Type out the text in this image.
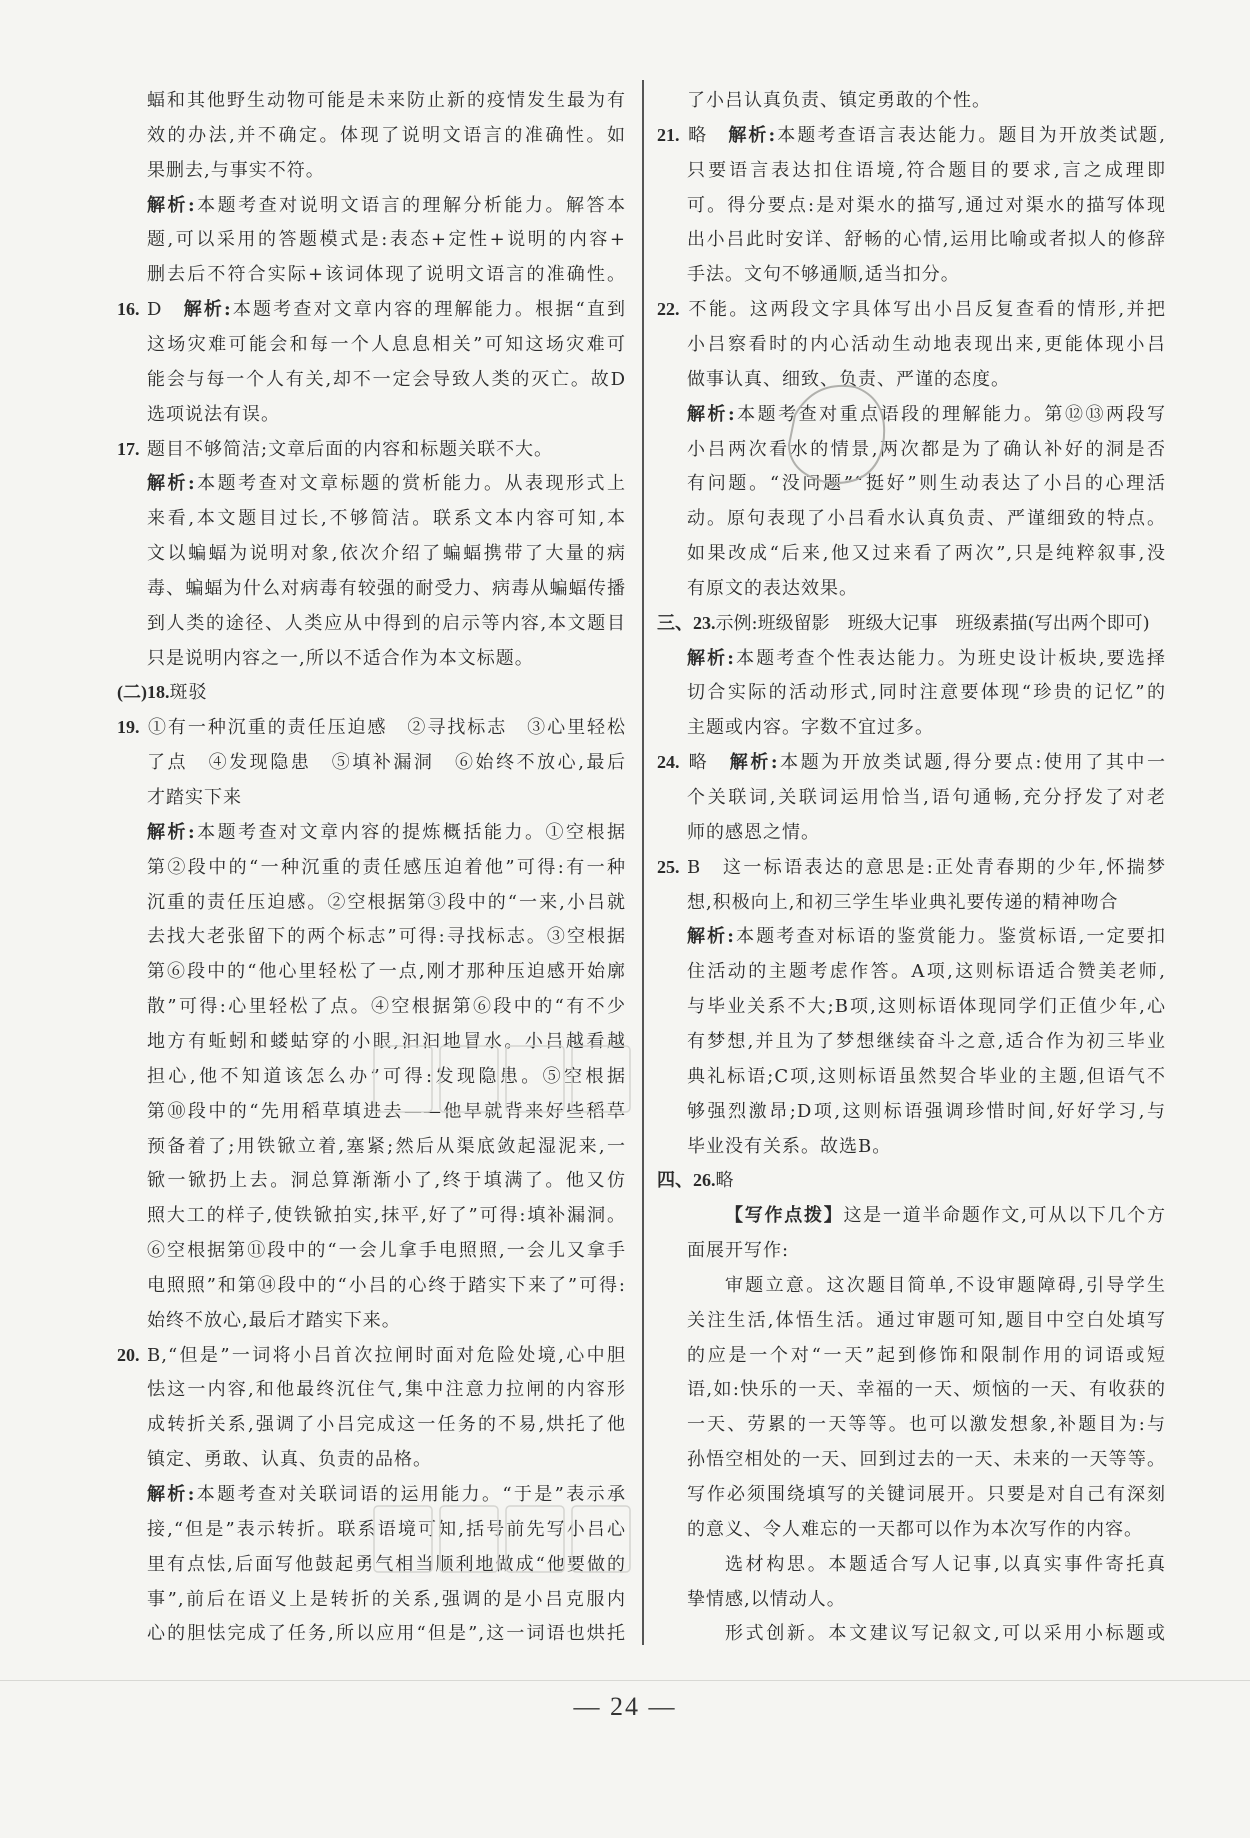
蝠和其他野生动物可能是未来防止新的疫情发生最为有
效的办法,并不确定。体现了说明文语言的准确性。如
果删去,与事实不符。
解析:本题考查对说明文语言的理解分析能力。解答本
题,可以采用的答题模式是:表态+定性+说明的内容+
删去后不符合实际+该词体现了说明文语言的准确性。
16. D　解析:本题考查对文章内容的理解能力。根据“直到
这场灾难可能会和每一个人息息相关”可知这场灾难可
能会与每一个人有关,却不一定会导致人类的灭亡。故D
选项说法有误。
17. 题目不够简洁;文章后面的内容和标题关联不大。
解析:本题考查对文章标题的赏析能力。从表现形式上
来看,本文题目过长,不够简洁。联系文本内容可知,本
文以蝙蝠为说明对象,依次介绍了蝙蝠携带了大量的病
毒、蝙蝠为什么对病毒有较强的耐受力、病毒从蝙蝠传播
到人类的途径、人类应从中得到的启示等内容,本文题目
只是说明内容之一,所以不适合作为本文标题。
(二)18.斑驳
19. ①有一种沉重的责任压迫感　②寻找标志　③心里轻松
了点　④发现隐患　⑤填补漏洞　⑥始终不放心,最后
才踏实下来
解析:本题考查对文章内容的提炼概括能力。①空根据
第②段中的“一种沉重的责任感压迫着他”可得:有一种
沉重的责任压迫感。②空根据第③段中的“一来,小吕就
去找大老张留下的两个标志”可得:寻找标志。③空根据
第⑥段中的“他心里轻松了一点,刚才那种压迫感开始廓
散”可得:心里轻松了点。④空根据第⑥段中的“有不少
地方有蚯蚓和蝼蛄穿的小眼,汩汩地冒水。小吕越看越
担心,他不知道该怎么办”可得:发现隐患。⑤空根据
第⑩段中的“先用稻草填进去——他早就背来好些稻草
预备着了;用铁锨立着,塞紧;然后从渠底敛起湿泥来,一
锨一锨扔上去。洞总算渐渐小了,终于填满了。他又仿
照大工的样子,使铁锨拍实,抹平,好了”可得:填补漏洞。
⑥空根据第⑪段中的“一会儿拿手电照照,一会儿又拿手
电照照”和第⑭段中的“小吕的心终于踏实下来了”可得:
始终不放心,最后才踏实下来。
20. B,“但是”一词将小吕首次拉闸时面对危险处境,心中胆
怯这一内容,和他最终沉住气,集中注意力拉闸的内容形
成转折关系,强调了小吕完成这一任务的不易,烘托了他
镇定、勇敢、认真、负责的品格。
解析:本题考查对关联词语的运用能力。“于是”表示承
接,“但是”表示转折。联系语境可知,括号前先写小吕心
里有点怯,后面写他鼓起勇气相当顺利地做成“他要做的
事”,前后在语义上是转折的关系,强调的是小吕克服内
心的胆怯完成了任务,所以应用“但是”,这一词语也烘托
了小吕认真负责、镇定勇敢的个性。
21. 略　解析:本题考查语言表达能力。题目为开放类试题,
只要语言表达扣住语境,符合题目的要求,言之成理即
可。得分要点:是对渠水的描写,通过对渠水的描写体现
出小吕此时安详、舒畅的心情,运用比喻或者拟人的修辞
手法。文句不够通顺,适当扣分。
22. 不能。这两段文字具体写出小吕反复查看的情形,并把
小吕察看时的内心活动生动地表现出来,更能体现小吕
做事认真、细致、负责、严谨的态度。
解析:本题考查对重点语段的理解能力。第⑫⑬两段写
小吕两次看水的情景,两次都是为了确认补好的洞是否
有问题。“没问题”“挺好”则生动表达了小吕的心理活
动。原句表现了小吕看水认真负责、严谨细致的特点。
如果改成“后来,他又过来看了两次”,只是纯粹叙事,没
有原文的表达效果。
三、23.示例:班级留影　班级大记事　班级素描(写出两个即可)
解析:本题考查个性表达能力。为班史设计板块,要选择
切合实际的活动形式,同时注意要体现“珍贵的记忆”的
主题或内容。字数不宜过多。
24. 略　解析:本题为开放类试题,得分要点:使用了其中一
个关联词,关联词运用恰当,语句通畅,充分抒发了对老
师的感恩之情。
25. B　这一标语表达的意思是:正处青春期的少年,怀揣梦
想,积极向上,和初三学生毕业典礼要传递的精神吻合
解析:本题考查对标语的鉴赏能力。鉴赏标语,一定要扣
住活动的主题考虑作答。A项,这则标语适合赞美老师,
与毕业关系不大;B项,这则标语体现同学们正值少年,心
有梦想,并且为了梦想继续奋斗之意,适合作为初三毕业
典礼标语;C项,这则标语虽然契合毕业的主题,但语气不
够强烈激昂;D项,这则标语强调珍惜时间,好好学习,与
毕业没有关系。故选B。
四、26.略
【写作点拨】这是一道半命题作文,可从以下几个方
面展开写作:
审题立意。这次题目简单,不设审题障碍,引导学生
关注生活,体悟生活。通过审题可知,题目中空白处填写
的应是一个对“一天”起到修饰和限制作用的词语或短
语,如:快乐的一天、幸福的一天、烦恼的一天、有收获的
一天、劳累的一天等等。也可以激发想象,补题目为:与
孙悟空相处的一天、回到过去的一天、未来的一天等等。
写作必须围绕填写的关键词展开。只要是对自己有深刻
的意义、令人难忘的一天都可以作为本次写作的内容。
选材构思。本题适合写人记事,以真实事件寄托真
挚情感,以情动人。
形式创新。本文建议写记叙文,可以采用小标题或
— 24 —
